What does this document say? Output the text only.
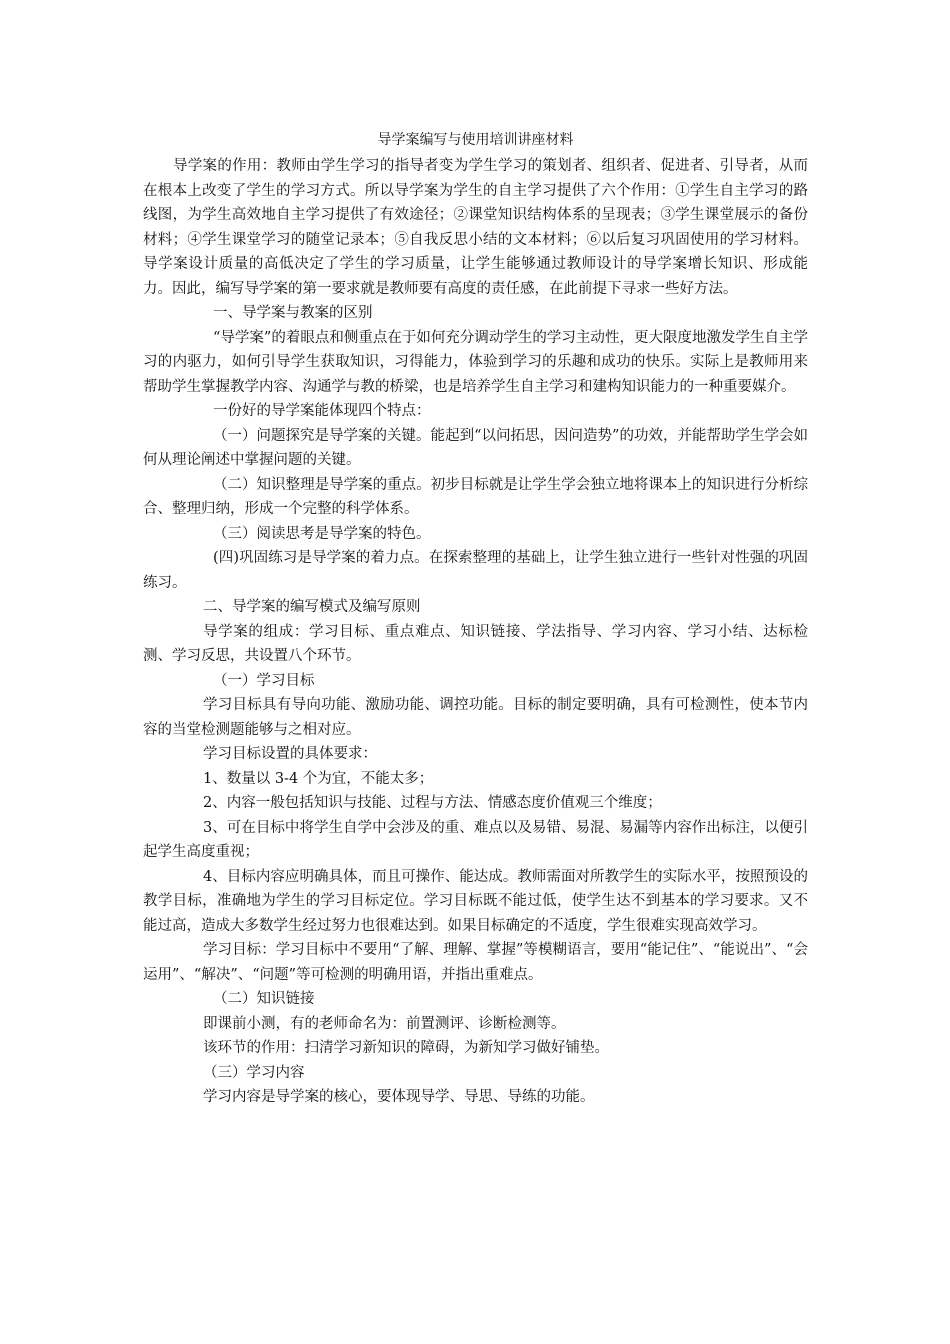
导学案编写与使用培训讲座材料

导学案的作用：教师由学生学习的指导者变为学生学习的策划者、组织者、促进者、引导者，从而在根本上改变了学生的学习方式。所以导学案为学生的自主学习提供了六个作用：①学生自主学习的路线图，为学生高效地自主学习提供了有效途径；②课堂知识结构体系的呈现表；③学生课堂展示的备份材料；④学生课堂学习的随堂记录本；⑤自我反思小结的文本材料；⑥以后复习巩固使用的学习材料。导学案设计质量的高低决定了学生的学习质量，让学生能够通过教师设计的导学案增长知识、形成能力。因此，编写导学案的第一要求就是教师要有高度的责任感，在此前提下寻求一些好方法。

一、导学案与教案的区别

“导学案”的着眼点和侧重点在于如何充分调动学生的学习主动性，更大限度地激发学生自主学习的内驱力，如何引导学生获取知识，习得能力，体验到学习的乐趣和成功的快乐。实际上是教师用来帮助学生掌握教学内容、沟通学与教的桥梁，也是培养学生自主学习和建构知识能力的一种重要媒介。

一份好的导学案能体现四个特点：

（一）问题探究是导学案的关键。能起到“以问拓思，因问造势”的功效，并能帮助学生学会如何从理论阐述中掌握问题的关键。

（二）知识整理是导学案的重点。初步目标就是让学生学会独立地将课本上的知识进行分析综合、整理归纳，形成一个完整的科学体系。

（三）阅读思考是导学案的特色。

(四)巩固练习是导学案的着力点。在探索整理的基础上，让学生独立进行一些针对性强的巩固练习。

二、导学案的编写模式及编写原则

导学案的组成：学习目标、重点难点、知识链接、学法指导、学习内容、学习小结、达标检测、学习反思，共设置八个环节。

（一）学习目标

学习目标具有导向功能、激励功能、调控功能。目标的制定要明确，具有可检测性，使本节内容的当堂检测题能够与之相对应。

学习目标设置的具体要求：

1、数量以 3-4 个为宜，不能太多；

2、内容一般包括知识与技能、过程与方法、情感态度价值观三个维度；

3、可在目标中将学生自学中会涉及的重、难点以及易错、易混、易漏等内容作出标注，以便引起学生高度重视；

4、目标内容应明确具体，而且可操作、能达成。教师需面对所教学生的实际水平，按照预设的教学目标，准确地为学生的学习目标定位。学习目标既不能过低，使学生达不到基本的学习要求。又不能过高，造成大多数学生经过努力也很难达到。如果目标确定的不适度，学生很难实现高效学习。

学习目标：学习目标中不要用“了解、理解、掌握”等模糊语言，要用“能记住”、“能说出”、“会运用”、“解决”、“问题”等可检测的明确用语，并指出重难点。

（二）知识链接

即课前小测，有的老师命名为：前置测评、诊断检测等。

该环节的作用：扫清学习新知识的障碍，为新知学习做好铺垫。

（三）学习内容

学习内容是导学案的核心，要体现导学、导思、导练的功能。
